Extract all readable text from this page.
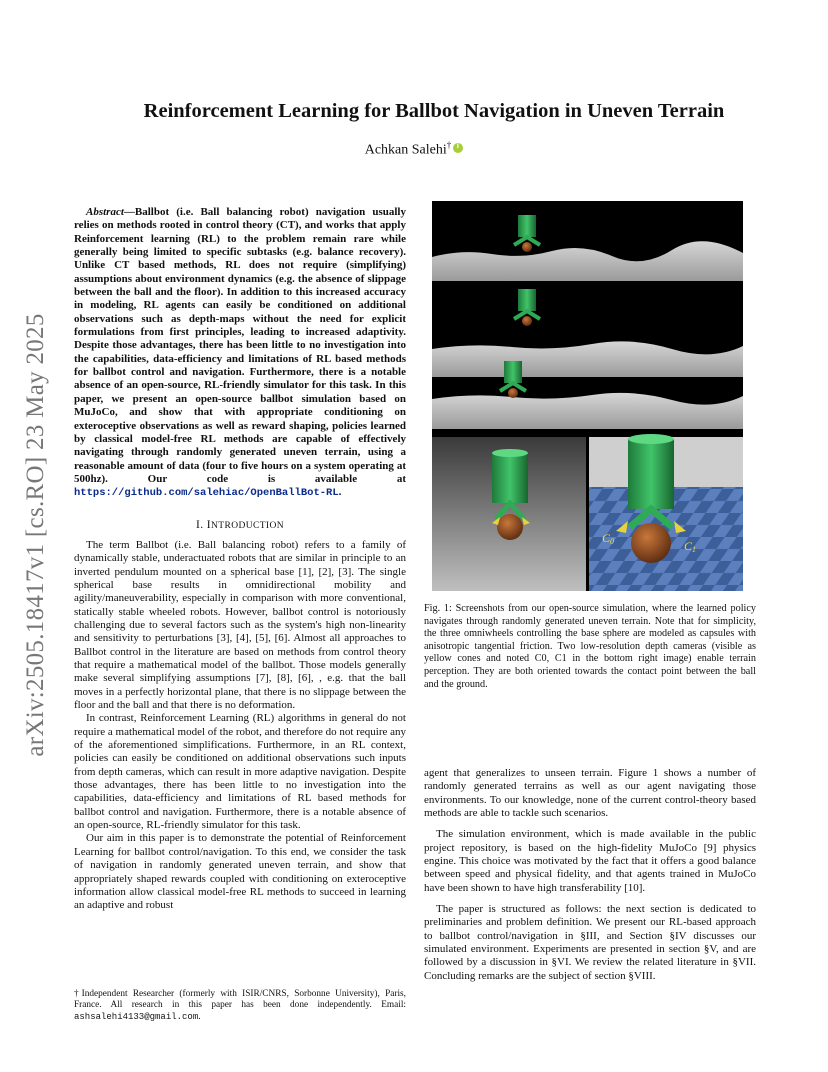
arXiv:2505.18417v1 [cs.RO] 23 May 2025
Reinforcement Learning for Ballbot Navigation in Uneven Terrain
Achkan Salehi†i

Abstract—Ballbot (i.e. Ball balancing robot) navigation usually relies on methods rooted in control theory (CT), and works that apply Reinforcement learning (RL) to the problem remain rare while generally being limited to specific subtasks (e.g. balance recovery). Unlike CT based methods, RL does not require (simplifying) assumptions about environment dynamics (e.g. the absence of slippage between the ball and the floor). In addition to this increased accuracy in modeling, RL agents can easily be conditioned on additional observations such as depth-maps without the need for explicit formulations from first principles, leading to increased adaptivity. Despite those advantages, there has been little to no investigation into the capabilities, data-efficiency and limitations of RL based methods for ballbot control and navigation. Furthermore, there is a notable absence of an open-source, RL-friendly simulator for this task. In this paper, we present an open-source ballbot simulation based on MuJoCo, and show that with appropriate conditioning on exteroceptive observations as well as reward shaping, policies learned by classical model-free RL methods are capable of effectively navigating through randomly generated uneven terrain, using a reasonable amount of data (four to five hours on a system operating at 500hz). Our code is available at https://github.com/salehiac/OpenBallBot-RL.

I. INTRODUCTION

The term Ballbot (i.e. Ball balancing robot) refers to a family of dynamically stable, underactuated robots that are similar in principle to an inverted pendulum mounted on a spherical base [1], [2], [3]. The single spherical base results in omnidirectional mobility and agility/maneuverability, especially in comparison with more conventional, statically stable wheeled robots. However, ballbot control is notoriously challenging due to several factors such as the system's high non-linearity and sensitivity to perturbations [3], [4], [5], [6]. Almost all approaches to Ballbot control in the literature are based on methods from control theory that require a mathematical model of the ballbot. Those models generally make several simplifying assumptions [7], [8], [6], , e.g. that the ball moves in a perfectly horizontal plane, that there is no slippage between the floor and the ball and that there is no deformation.

In contrast, Reinforcement Learning (RL) algorithms in general do not require a mathematical model of the robot, and therefore do not require any of the aforementioned simplifications. Furthermore, in an RL context, policies can easily be conditioned on additional observations such inputs from depth cameras, which can result in more adaptive navigation. Despite those advantages, there has been little to no investigation into the capabilities, data-efficiency and limitations of RL based methods for ballbot control and navigation. Furthermore, there is a notable absence of an open-source, RL-friendly simulator for this task.

Our aim in this paper is to demonstrate the potential of Reinforcement Learning for ballbot control/navigation. To this end, we consider the task of navigation in randomly generated uneven terrain, and show that appropriately shaped rewards coupled with conditioning on exteroceptive information allow classical model-free RL methods to succeed in learning an adaptive and robust

†Independent Researcher (formerly with ISIR/CNRS, Sorbonne University), Paris, France. All research in this paper has been done independently. Email: ashsalehi4133@gmail.com.
C0	C1
Fig. 1: Screenshots from our open-source simulation, where the learned policy navigates through randomly generated uneven terrain. Note that for simplicity, the three omniwheels controlling the base sphere are modeled as capsules with anisotropic tangential friction. Two low-resolution depth cameras (visible as yellow cones and noted C0, C1 in the bottom right image) enable terrain perception. They are both oriented towards the contact point between the ball and the ground.

agent that generalizes to unseen terrain. Figure 1 shows a number of randomly generated terrains as well as our agent navigating those environments. To our knowledge, none of the current control-theory based methods are able to tackle such scenarios.

The simulation environment, which is made available in the public project repository, is based on the high-fidelity MuJoCo [9] physics engine. This choice was motivated by the fact that it offers a good balance between speed and physical fidelity, and that agents trained in MuJoCo have been shown to have high transferability [10].

The paper is structured as follows: the next section is dedicated to preliminaries and problem definition. We present our RL-based approach to ballbot control/navigation in §III, and Section §IV discusses our simulated environment. Experiments are presented in section §V, and are followed by a discussion in §VI. We review the related literature in §VII. Concluding remarks are the subject of section §VIII.
